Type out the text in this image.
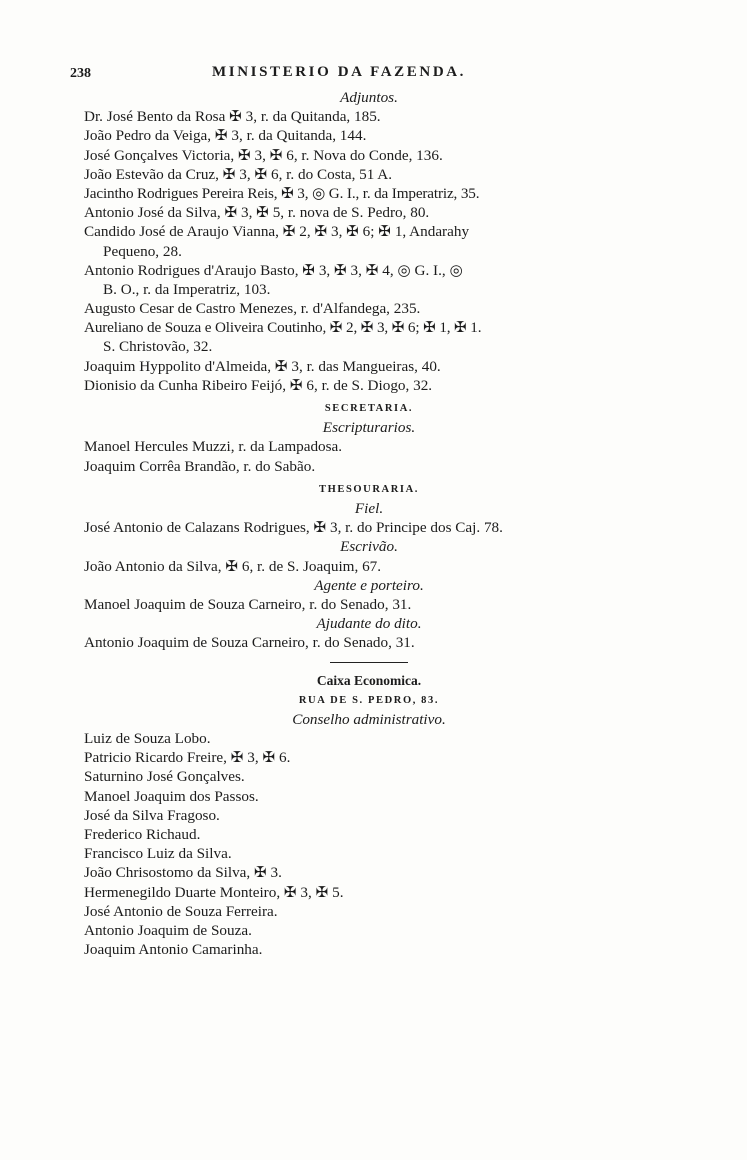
238	MINISTERIO DA FAZENDA.
Adjuntos.
Dr. José Bento da Rosa ✠ 3, r. da Quitanda, 185.
João Pedro da Veiga, ✠ 3, r. da Quitanda, 144.
José Gonçalves Victoria, ✠ 3, ✠ 6, r. Nova do Conde, 136.
João Estevão da Cruz, ✠ 3, ✠ 6, r. do Costa, 51 A.
Jacintho Rodrigues Pereira Reis, ✠ 3, ◎ G. I., r. da Imperatriz, 35.
Antonio José da Silva, ✠ 3, ✠ 5, r. nova de S. Pedro, 80.
Candido José de Araujo Vianna, ✠ 2, ✠ 3, ✠ 6; ✠ 1, Andarahy
Pequeno, 28.
Antonio Rodrigues d'Araujo Basto, ✠ 3, ✠ 3, ✠ 4, ◎ G. I., ◎
B. O., r. da Imperatriz, 103.
Augusto Cesar de Castro Menezes, r. d'Alfandega, 235.
Aureliano de Souza e Oliveira Coutinho, ✠ 2, ✠ 3, ✠ 6; ✠ 1, ✠ 1.
S. Christovão, 32.
Joaquim Hyppolito d'Almeida, ✠ 3, r. das Mangueiras, 40.
Dionisio da Cunha Ribeiro Feijó, ✠ 6, r. de S. Diogo, 32.
SECRETARIA.
Escripturarios.
Manoel Hercules Muzzi, r. da Lampadosa.
Joaquim Corrêa Brandão, r. do Sabão.
THESOURARIA.
Fiel.
José Antonio de Calazans Rodrigues, ✠ 3, r. do Principe dos Caj. 78.
Escrivão.
João Antonio da Silva, ✠ 6, r. de S. Joaquim, 67.
Agente e porteiro.
Manoel Joaquim de Souza Carneiro, r. do Senado, 31.
Ajudante do dito.
Antonio Joaquim de Souza Carneiro, r. do Senado, 31.
Caixa Economica.
RUA DE S. PEDRO, 83.
Conselho administrativo.
Luiz de Souza Lobo.
Patricio Ricardo Freire, ✠ 3, ✠ 6.
Saturnino José Gonçalves.
Manoel Joaquim dos Passos.
José da Silva Fragoso.
Frederico Richaud.
Francisco Luiz da Silva.
João Chrisostomo da Silva, ✠ 3.
Hermenegildo Duarte Monteiro, ✠ 3, ✠ 5.
José Antonio de Souza Ferreira.
Antonio Joaquim de Souza.
Joaquim Antonio Camarinha.
